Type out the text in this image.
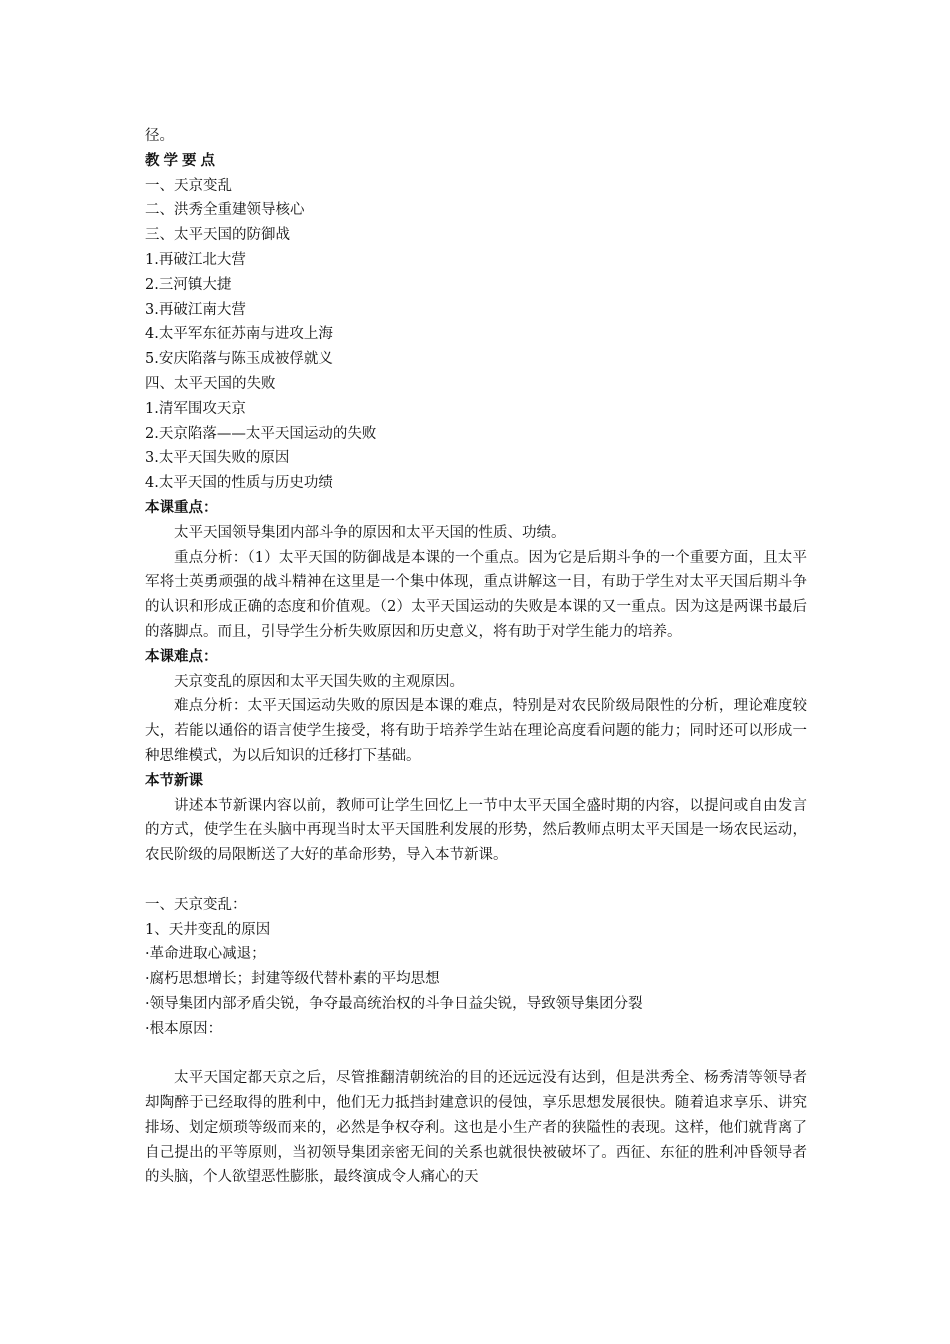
径。
教学要点
一、天京变乱
二、洪秀全重建领导核心
三、太平天国的防御战
1.再破江北大营
2.三河镇大捷
3.再破江南大营
4.太平军东征苏南与进攻上海
5.安庆陷落与陈玉成被俘就义
四、太平天国的失败
1.清军围攻天京
2.天京陷落——太平天国运动的失败
3.太平天国失败的原因
4.太平天国的性质与历史功绩
本课重点：

太平天国领导集团内部斗争的原因和太平天国的性质、功绩。

重点分析：（1）太平天国的防御战是本课的一个重点。因为它是后期斗争的一个重要方面，且太平军将士英勇顽强的战斗精神在这里是一个集中体现，重点讲解这一目，有助于学生对太平天国后期斗争的认识和形成正确的态度和价值观。（2）太平天国运动的失败是本课的又一重点。因为这是两课书最后的落脚点。而且，引导学生分析失败原因和历史意义，将有助于对学生能力的培养。

本课难点：

天京变乱的原因和太平天国失败的主观原因。

难点分析：太平天国运动失败的原因是本课的难点，特别是对农民阶级局限性的分析，理论难度较大，若能以通俗的语言使学生接受，将有助于培养学生站在理论高度看问题的能力；同时还可以形成一种思维模式，为以后知识的迁移打下基础。

本节新课

讲述本节新课内容以前，教师可让学生回忆上一节中太平天国全盛时期的内容，以提问或自由发言的方式，使学生在头脑中再现当时太平天国胜利发展的形势，然后教师点明太平天国是一场农民运动，农民阶级的局限断送了大好的革命形势，导入本节新课。

一、天京变乱：
1、天井变乱的原因
·革命进取心减退；
·腐朽思想增长；封建等级代替朴素的平均思想
·领导集团内部矛盾尖锐，争夺最高统治权的斗争日益尖锐，导致领导集团分裂
·根本原因：

太平天国定都天京之后，尽管推翻清朝统治的目的还远远没有达到，但是洪秀全、杨秀清等领导者却陶醉于已经取得的胜利中，他们无力抵挡封建意识的侵蚀，享乐思想发展很快。随着追求享乐、讲究排场、划定烦琐等级而来的，必然是争权夺利。这也是小生产者的狭隘性的表现。这样，他们就背离了自己提出的平等原则，当初领导集团亲密无间的关系也就很快被破坏了。西征、东征的胜利冲昏领导者的头脑，个人欲望恶性膨胀，最终演成令人痛心的天
